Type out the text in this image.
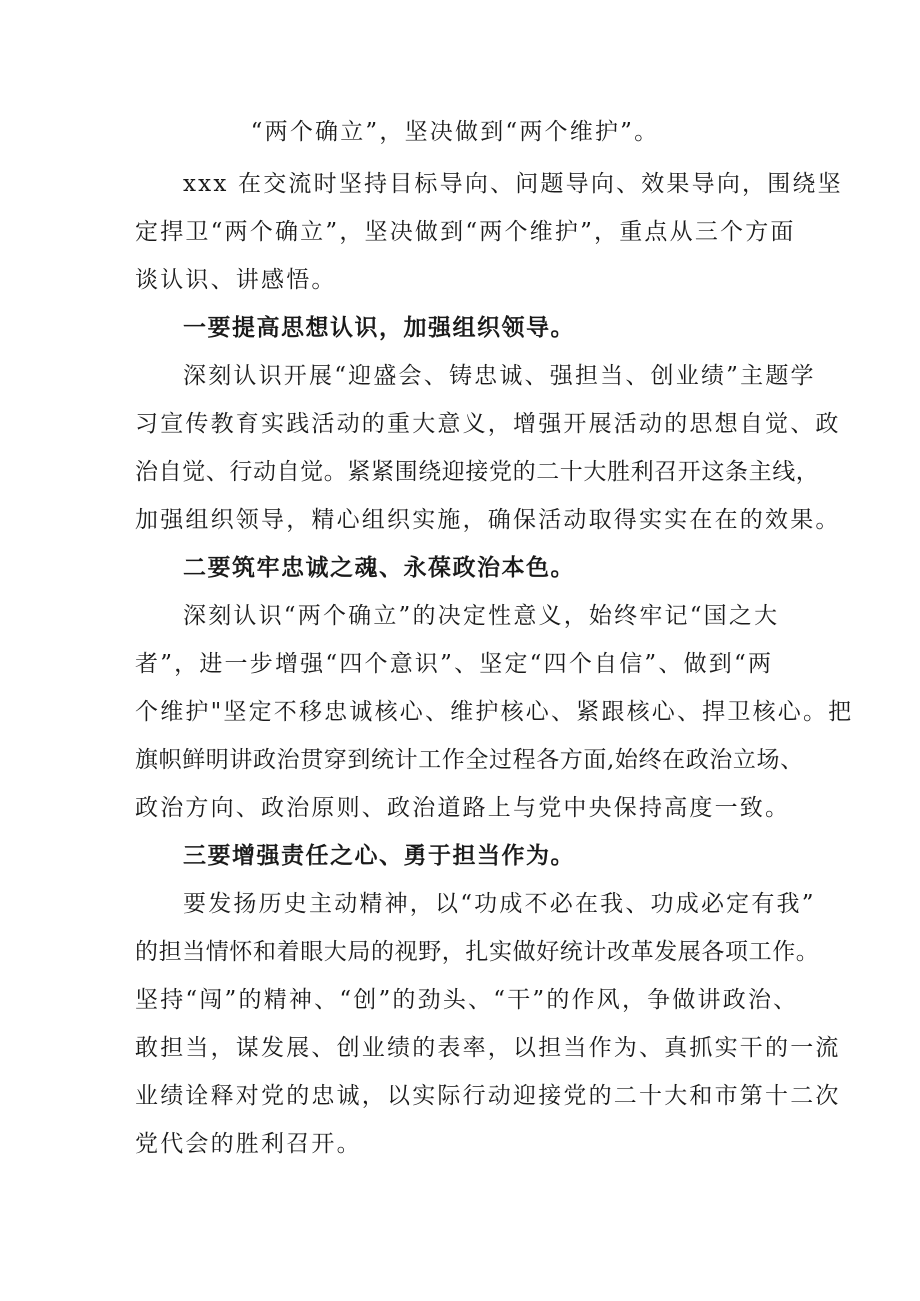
“两个确立”，坚决做到“两个维护”。
xxx 在交流时坚持目标导向、问题导向、效果导向，围绕坚
定捍卫“两个确立”，坚决做到“两个维护”，重点从三个方面
谈认识、讲感悟。
一要提高思想认识，加强组织领导。
深刻认识开展“迎盛会、铸忠诚、强担当、创业绩”主题学
习宣传教育实践活动的重大意义，增强开展活动的思想自觉、政
治自觉、行动自觉。紧紧围绕迎接党的二十大胜利召开这条主线，
加强组织领导，精心组织实施，确保活动取得实实在在的效果。
二要筑牢忠诚之魂、永葆政治本色。
深刻认识“两个确立”的决定性意义，始终牢记“国之大
者”，进一步增强“四个意识”、坚定“四个自信”、做到“两
个维护"坚定不移忠诚核心、维护核心、紧跟核心、捍卫核心。把
旗帜鲜明讲政治贯穿到统计工作全过程各方面,始终在政治立场、
政治方向、政治原则、政治道路上与党中央保持高度一致。
三要增强责任之心、勇于担当作为。
要发扬历史主动精神，以“功成不必在我、功成必定有我”
的担当情怀和着眼大局的视野，扎实做好统计改革发展各项工作。
坚持“闯”的精神、“创”的劲头、“干”的作风，争做讲政治、
敢担当，谋发展、创业绩的表率，以担当作为、真抓实干的一流
业绩诠释对党的忠诚，以实际行动迎接党的二十大和市第十二次
党代会的胜利召开。
